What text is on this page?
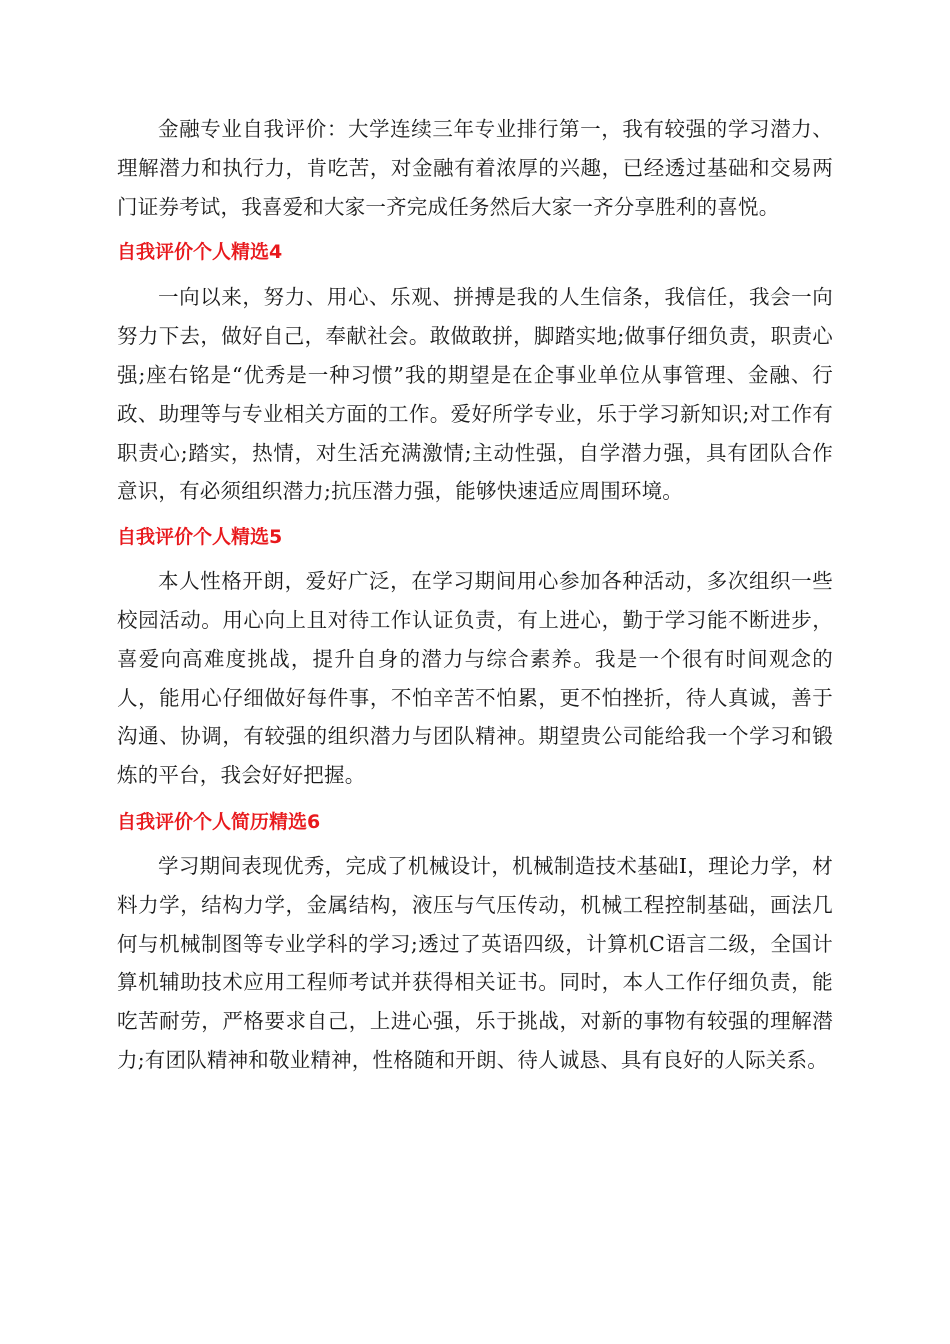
金融专业自我评价：大学连续三年专业排行第一，我有较强的学习潜力、理解潜力和执行力，肯吃苦，对金融有着浓厚的兴趣，已经透过基础和交易两门证券考试，我喜爱和大家一齐完成任务然后大家一齐分享胜利的喜悦。

自我评价个人精选4

一向以来，努力、用心、乐观、拼搏是我的人生信条，我信任，我会一向努力下去，做好自己，奉献社会。敢做敢拼，脚踏实地;做事仔细负责，职责心强;座右铭是“优秀是一种习惯”我的期望是在企事业单位从事管理、金融、行政、助理等与专业相关方面的工作。爱好所学专业，乐于学习新知识;对工作有职责心;踏实，热情，对生活充满激情;主动性强，自学潜力强，具有团队合作意识，有必须组织潜力;抗压潜力强，能够快速适应周围环境。

自我评价个人精选5

本人性格开朗，爱好广泛，在学习期间用心参加各种活动，多次组织一些校园活动。用心向上且对待工作认证负责，有上进心，勤于学习能不断进步，喜爱向高难度挑战，提升自身的潜力与综合素养。我是一个很有时间观念的人，能用心仔细做好每件事，不怕辛苦不怕累，更不怕挫折，待人真诚，善于沟通、协调，有较强的组织潜力与团队精神。期望贵公司能给我一个学习和锻炼的平台，我会好好把握。

自我评价个人简历精选6

学习期间表现优秀，完成了机械设计，机械制造技术基础Ⅰ，理论力学，材料力学，结构力学，金属结构，液压与气压传动，机械工程控制基础，画法几何与机械制图等专业学科的学习;透过了英语四级，计算机C语言二级，全国计算机辅助技术应用工程师考试并获得相关证书。同时，本人工作仔细负责，能吃苦耐劳，严格要求自己，上进心强，乐于挑战，对新的事物有较强的理解潜力;有团队精神和敬业精神，性格随和开朗、待人诚恳、具有良好的人际关系。
